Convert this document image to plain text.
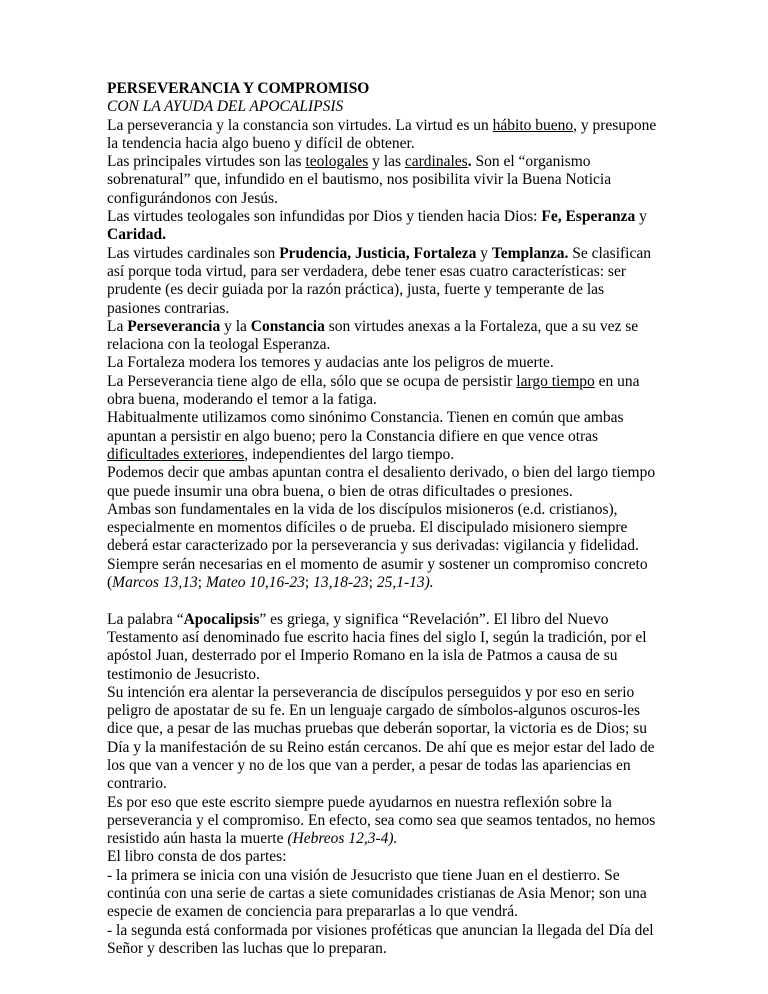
PERSEVERANCIA Y COMPROMISO
CON LA AYUDA DEL APOCALIPSIS
La perseverancia y la constancia son virtudes. La virtud es un hábito bueno, y presupone
la tendencia hacia algo bueno y difícil de obtener.
Las principales virtudes son las teologales y las cardinales. Son el “organismo
sobrenatural” que, infundido en el bautismo, nos posibilita vivir la Buena Noticia
configurándonos con Jesús.
Las virtudes teologales son infundidas por Dios y tienden hacia Dios: Fe, Esperanza y
Caridad.
Las virtudes cardinales son Prudencia, Justicia, Fortaleza y Templanza. Se clasifican
así porque toda virtud, para ser verdadera, debe tener esas cuatro características: ser
prudente (es decir guiada por la razón práctica), justa, fuerte y temperante de las
pasiones contrarias.
La Perseverancia y la Constancia son virtudes anexas a la Fortaleza, que a su vez se
relaciona con la teologal Esperanza.
La Fortaleza modera los temores y audacias ante los peligros de muerte.
La Perseverancia tiene algo de ella, sólo que se ocupa de persistir largo tiempo en una
obra buena, moderando el temor a la fatiga.
Habitualmente utilizamos como sinónimo Constancia. Tienen en común que ambas
apuntan a persistir en algo bueno; pero la Constancia difiere en que vence otras
dificultades exteriores, independientes del largo tiempo.
Podemos decir que ambas apuntan contra el desaliento derivado, o bien del largo tiempo
que puede insumir una obra buena, o bien de otras dificultades o presiones.
Ambas son fundamentales en la vida de los discípulos misioneros (e.d. cristianos),
especialmente en momentos difíciles o de prueba. El discipulado misionero siempre
deberá estar caracterizado por la perseverancia y sus derivadas: vigilancia y fidelidad.
Siempre serán necesarias en el momento de asumir y sostener un compromiso concreto
(Marcos 13,13; Mateo 10,16-23; 13,18-23; 25,1-13).
La palabra “Apocalipsis” es griega, y significa “Revelación”. El libro del Nuevo
Testamento así denominado fue escrito hacia fines del siglo I, según la tradición, por el
apóstol Juan, desterrado por el Imperio Romano en la isla de Patmos a causa de su
testimonio de Jesucristo.
Su intención era alentar la perseverancia de discípulos perseguidos y por eso en serio
peligro de apostatar de su fe. En un lenguaje cargado de símbolos-algunos oscuros-les
dice que, a pesar de las muchas pruebas que deberán soportar, la victoria es de Dios; su
Día y la manifestación de su Reino están cercanos. De ahí que es mejor estar del lado de
los que van a vencer y no de los que van a perder, a pesar de todas las apariencias en
contrario.
Es por eso que este escrito siempre puede ayudarnos en nuestra reflexión sobre la
perseverancia y el compromiso. En efecto, sea como sea que seamos tentados, no hemos
resistido aún hasta la muerte (Hebreos 12,3-4).
El libro consta de dos partes:
- la primera se inicia con una visión de Jesucristo que tiene Juan en el destierro. Se
continúa con una serie de cartas a siete comunidades cristianas de Asia Menor; son una
especie de examen de conciencia para prepararlas a lo que vendrá.
- la segunda está conformada por visiones proféticas que anuncian la llegada del Día del
Señor y describen las luchas que lo preparan.
